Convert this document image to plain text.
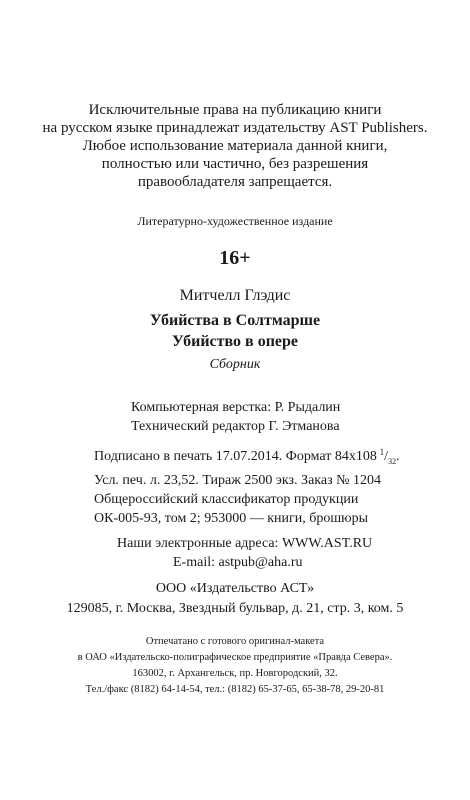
Исключительные права на публикацию книги
на русском языке принадлежат издательству AST Publishers.
Любое использование материала данной книги,
полностью или частично, без разрешения
правообладателя запрещается.
Литературно-художественное издание
16+
Митчелл Глэдис
Убийства в Солтмарше
Убийство в опере
Сборник
Компьютерная верстка: Р. Рыдалин
Технический редактор Г. Этманова
Подписано в печать 17.07.2014. Формат 84x108  $^1/_{32}$.
Усл. печ. л. 23,52. Тираж 2500 экз. Заказ № 1204
Общероссийский классификатор продукции
ОК-005-93, том 2; 953000 — книги, брошюры
Наши электронные адреса: WWW.AST.RU
E-mail: astpub@aha.ru
ООО «Издательство АСТ»
129085, г. Москва, Звездный бульвар, д. 21, стр. 3, ком. 5
Отпечатано с готового оригинал-макета
в ОАО «Издательско-полиграфическое предприятие «Правда Севера».
163002, г. Архангельск, пр. Новгородский, 32.
Тел./факс (8182) 64-14-54, тел.: (8182) 65-37-65, 65-38-78, 29-20-81
